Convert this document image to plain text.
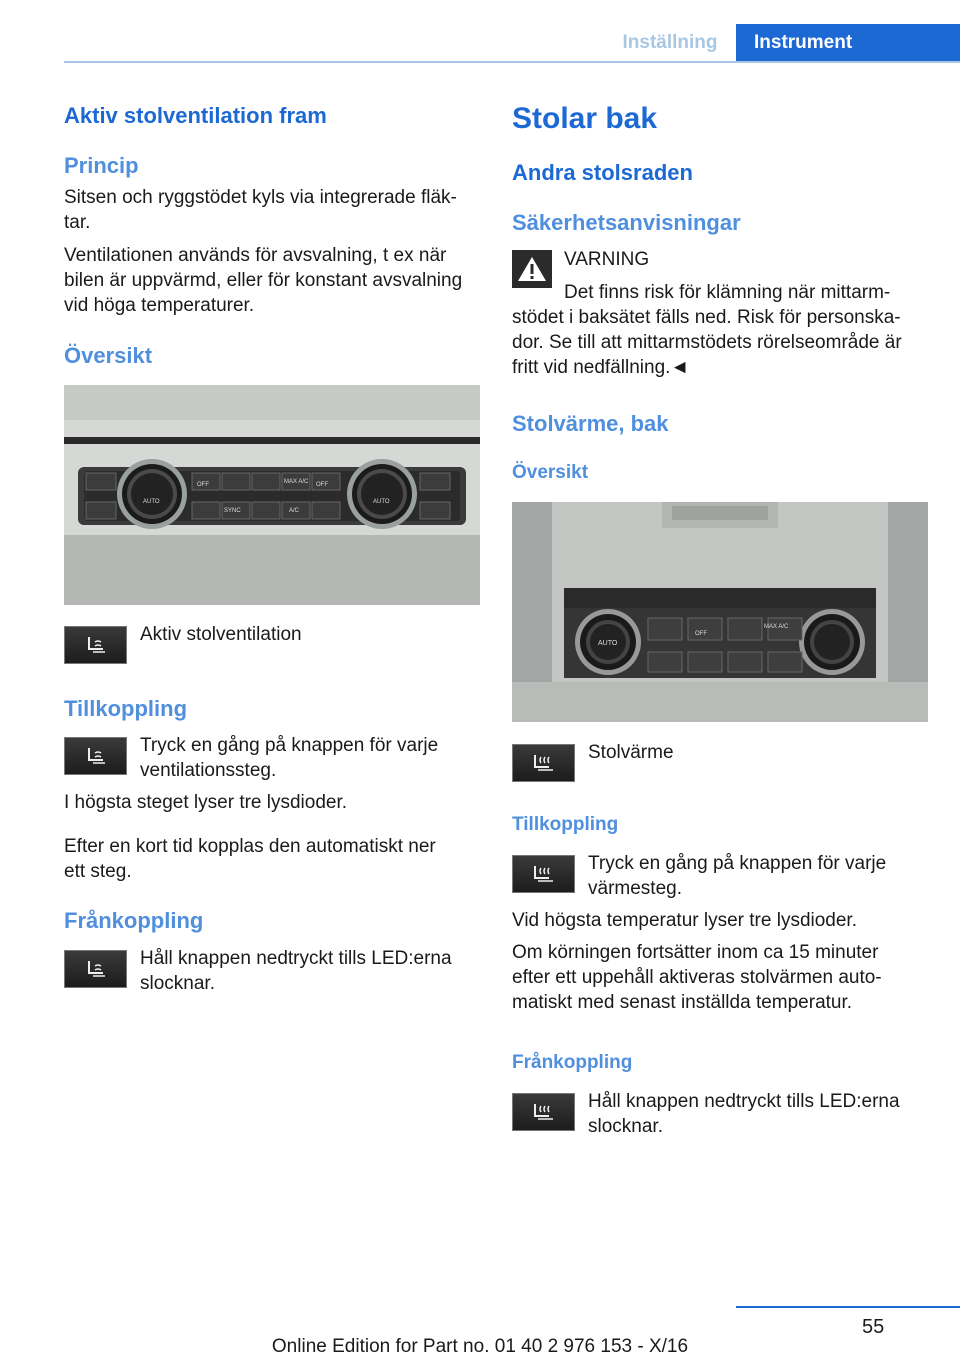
Inställning	Instrument
Aktiv stolventilation fram
Princip
Sitsen och ryggstödet kyls via integrerade fläk-
tar.
Ventilationen används för avsvalning, t ex när
bilen är uppvärmd, eller för konstant avsvalning
vid höga temperaturer.
Översikt
AUTO	AUTO
OFF	MAX A/C OFF
SYNC	A/C
Aktiv stolventilation
Tillkoppling
Tryck en gång på knappen för varje
ventilationssteg.
I högsta steget lyser tre lysdioder.
Efter en kort tid kopplas den automatiskt ner
ett steg.
Frånkoppling
Håll knappen nedtryckt tills LED:erna
slocknar.
Stolar bak
Andra stolsraden
Säkerhetsanvisningar
VARNING
Det finns risk för klämning när mittarm-
stödet i baksätet fälls ned. Risk för personska-
dor. Se till att mittarmstödets rörelseområde är
fritt vid nedfällning.◄
Stolvärme, bak
Översikt
AUTO
OFF
MAX A/C
Stolvärme
Tillkoppling
Tryck en gång på knappen för varje
värmesteg.
Vid högsta temperatur lyser tre lysdioder.
Om körningen fortsätter inom ca 15 minuter
efter ett uppehåll aktiveras stolvärmen auto-
matiskt med senast inställda temperatur.
Frånkoppling
Håll knappen nedtryckt tills LED:erna
slocknar.
55
Online Edition for Part no. 01 40 2 976 153 - X/16
